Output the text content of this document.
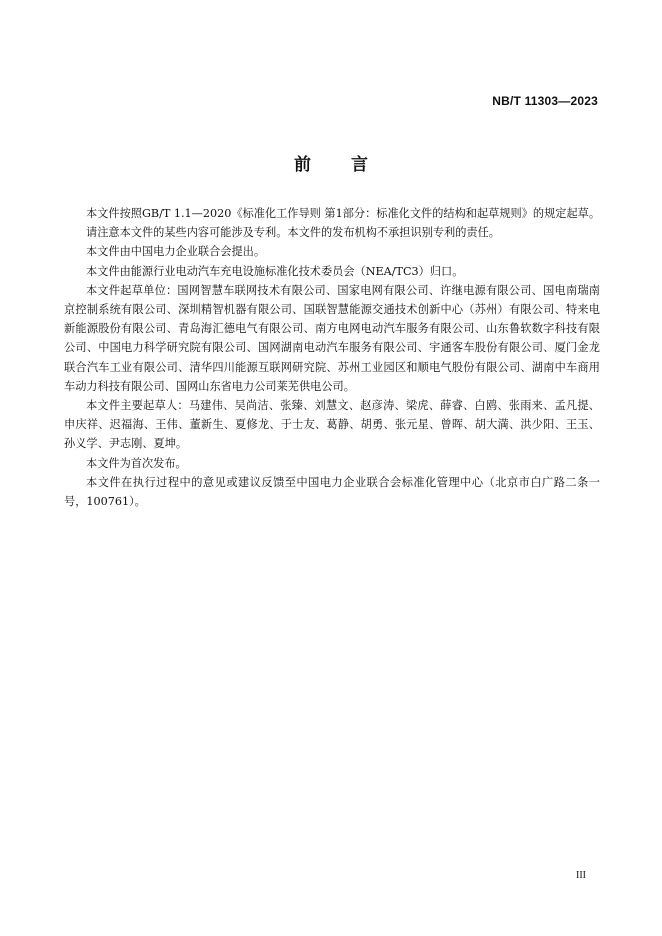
NB/T 11303—2023
前 言

本文件按照GB/T 1.1—2020《标准化工作导则 第1部分：标准化文件的结构和起草规则》的规定起草。

请注意本文件的某些内容可能涉及专利。本文件的发布机构不承担识别专利的责任。

本文件由中国电力企业联合会提出。

本文件由能源行业电动汽车充电设施标准化技术委员会（NEA/TC3）归口。

本文件起草单位：国网智慧车联网技术有限公司、国家电网有限公司、许继电源有限公司、国电南瑞南京控制系统有限公司、深圳精智机器有限公司、国联智慧能源交通技术创新中心（苏州）有限公司、特来电新能源股份有限公司、青岛海汇德电气有限公司、南方电网电动汽车服务有限公司、山东鲁软数字科技有限公司、中国电力科学研究院有限公司、国网湖南电动汽车服务有限公司、宇通客车股份有限公司、厦门金龙联合汽车工业有限公司、清华四川能源互联网研究院、苏州工业园区和顺电气股份有限公司、湖南中车商用车动力科技有限公司、国网山东省电力公司莱芜供电公司。

本文件主要起草人：马建伟、吴尚洁、张臻、刘慧文、赵彦涛、梁虎、薛睿、白鸥、张雨来、孟凡提、申庆祥、迟福海、王伟、董新生、夏修龙、于士友、葛静、胡勇、张元星、曾晖、胡大満、洪少阳、王玉、孙义学、尹志刚、夏坤。

本文件为首次发布。

本文件在执行过程中的意见或建议反馈至中国电力企业联合会标准化管理中心（北京市白广路二条一号，100761）。

III
